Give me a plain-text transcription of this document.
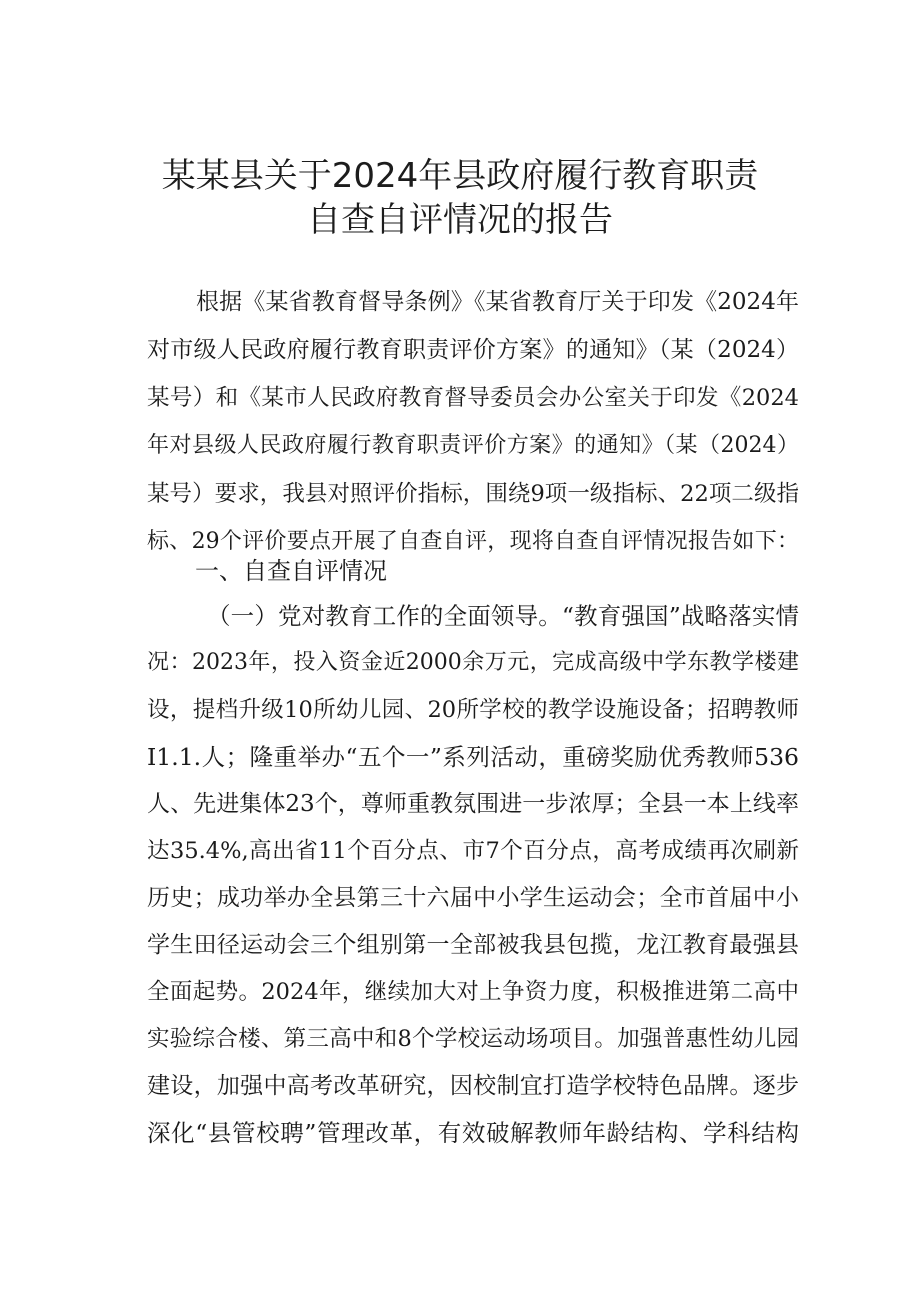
某某县关于2024年县政府履行教育职责
自查自评情况的报告
根据《某省教育督导条例》《某省教育厅关于印发《2024年
对市级人民政府履行教育职责评价方案》的通知》（某（2024）
某号）和《某市人民政府教育督导委员会办公室关于印发《2024
年对县级人民政府履行教育职责评价方案》的通知》（某（2024）
某号）要求，我县对照评价指标，围绕9项一级指标、22项二级指
标、29个评价要点开展了自查自评，现将自查自评情况报告如下：
一、自查自评情况
（一）党对教育工作的全面领导。“教育强国”战略落实情
况：2023年，投入资金近2000余万元，完成高级中学东教学楼建
设，提档升级10所幼儿园、20所学校的教学设施设备；招聘教师
I1.1.人；隆重举办“五个一”系列活动，重磅奖励优秀教师536
人、先进集体23个，尊师重教氛围进一步浓厚；全县一本上线率
达35.4%,高出省11个百分点、市7个百分点，高考成绩再次刷新
历史；成功举办全县第三十六届中小学生运动会；全市首届中小
学生田径运动会三个组别第一全部被我县包揽，龙江教育最强县
全面起势。2024年，继续加大对上争资力度，积极推进第二高中
实验综合楼、第三高中和8个学校运动场项目。加强普惠性幼儿园
建设，加强中高考改革研究，因校制宜打造学校特色品牌。逐步
深化“县管校聘”管理改革，有效破解教师年龄结构、学科结构
